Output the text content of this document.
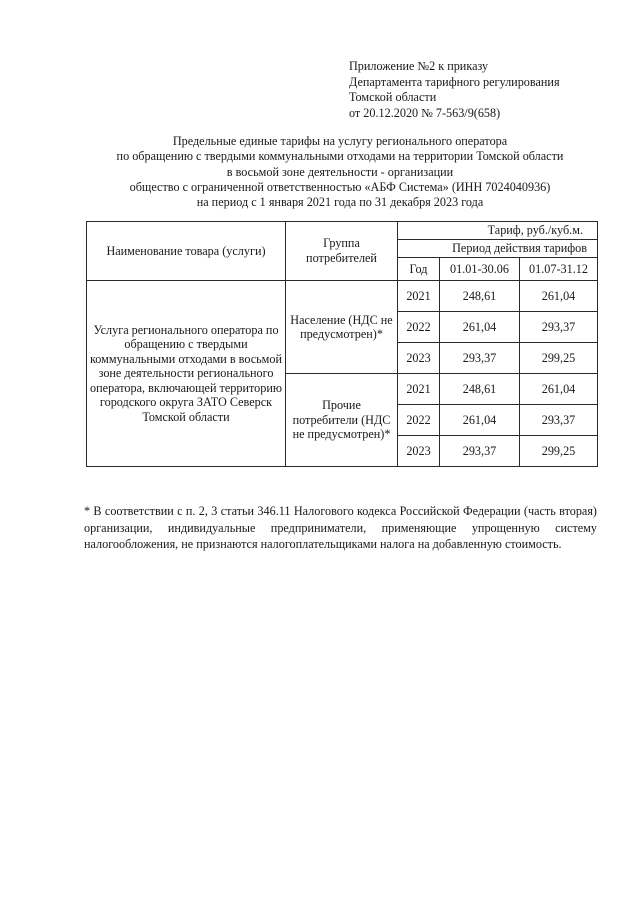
Приложение №2 к приказу
Департамента тарифного регулирования
Томской области
от 20.12.2020 № 7-563/9(658)
Предельные единые тарифы на услугу регионального оператора
по обращению с твердыми коммунальными отходами на территории Томской области
в восьмой зоне деятельности - организации
общество с ограниченной ответственностью «АБФ Система» (ИНН 7024040936)
на период с 1 января 2021 года по 31 декабря 2023 года
Наименование товара (услуги)	Группа потребителей	Тариф, руб./куб.м.		
		Период действия тарифов		
		Год	01.01-30.06	01.07-31.12
Услуга регионального оператора по обращению с твердыми коммунальными отходами в восьмой зоне деятельности регионального оператора, включающей территорию городского округа ЗАТО Северск Томской области	Население (НДС не предусмотрен)*	2021	248,61	261,04
		2022	261,04	293,37
		2023	293,37	299,25
	Прочие потребители (НДС не предусмотрен)*	2021	248,61	261,04
		2022	261,04	293,37
		2023	293,37	299,25
* В соответствии с п. 2, 3 статьи 346.11 Налогового кодекса Российской Федерации (часть вторая) организации, индивидуальные предприниматели, применяющие упрощенную систему налогообложения, не признаются налогоплательщиками налога на добавленную стоимость.
